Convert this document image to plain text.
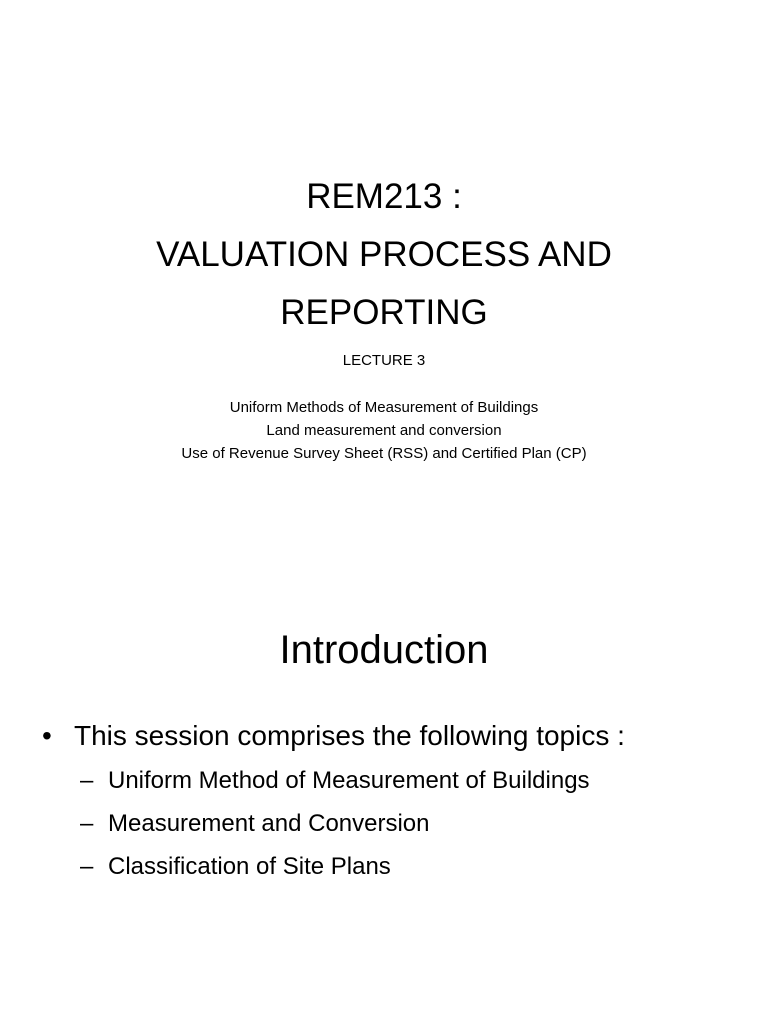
REM213 :
VALUATION PROCESS AND
REPORTING
LECTURE 3
Uniform Methods of Measurement of Buildings
Land measurement and conversion
Use of Revenue Survey Sheet (RSS) and Certified Plan (CP)
Introduction
• This session comprises the following topics :
– Uniform Method of Measurement of Buildings
– Measurement and Conversion
– Classification of Site Plans
